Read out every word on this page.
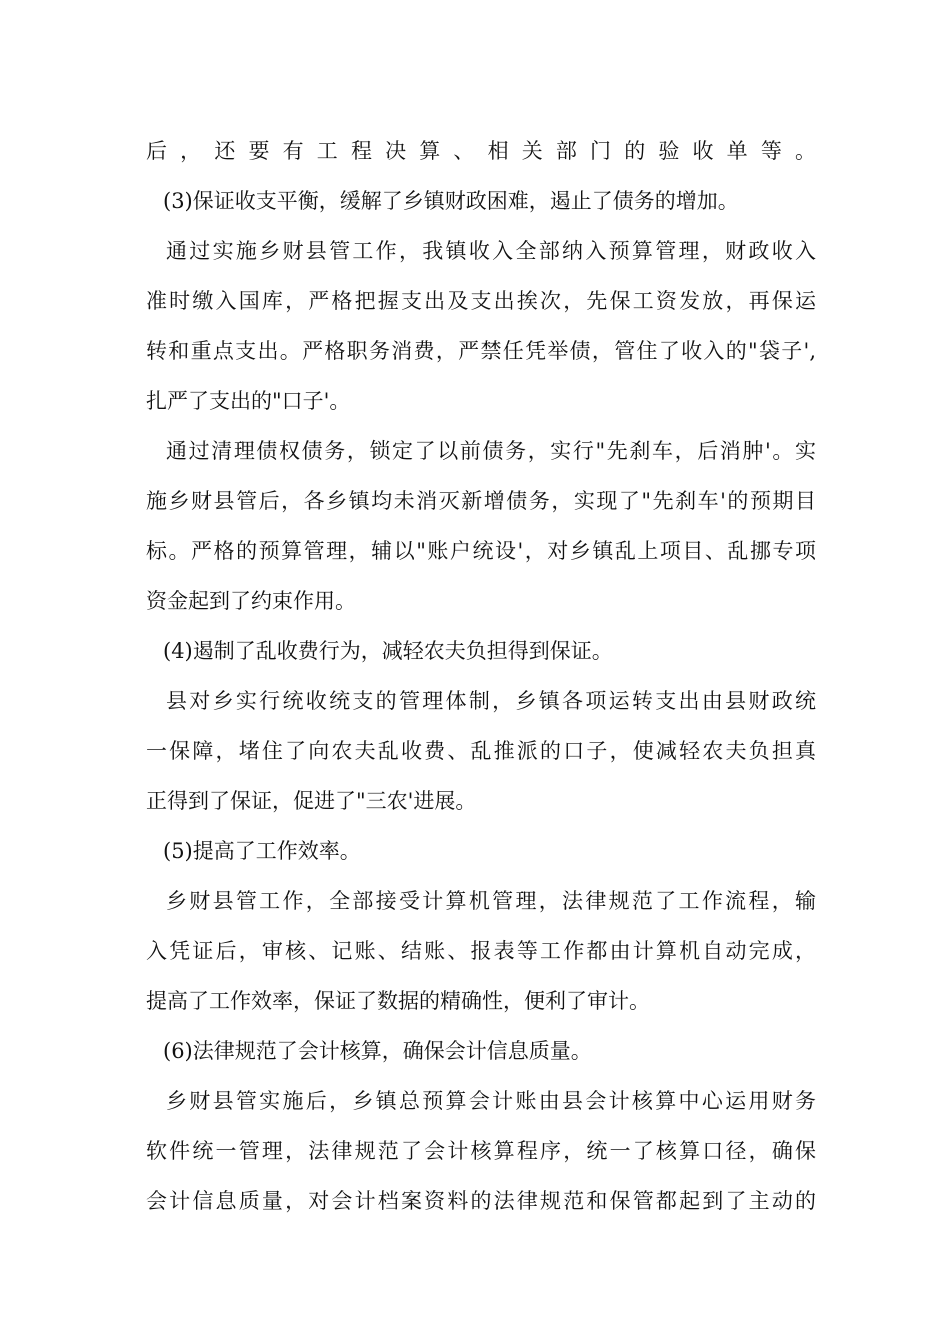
后，还要有工程决算、相关部门的验收单等。
(3)保证收支平衡，缓解了乡镇财政困难，遏止了债务的增加。
通过实施乡财县管工作，我镇收入全部纳入预算管理，财政收入
准时缴入国库，严格把握支出及支出挨次，先保工资发放，再保运
转和重点支出。严格职务消费，严禁任凭举债，管住了收入的"袋子',
扎严了支出的"口子'。
通过清理债权债务，锁定了以前债务，实行"先刹车，后消肿'。实
施乡财县管后，各乡镇均未消灭新增债务，实现了"先刹车'的预期目
标。严格的预算管理，辅以"账户统设'，对乡镇乱上项目、乱挪专项
资金起到了约束作用。
(4)遏制了乱收费行为，减轻农夫负担得到保证。
县对乡实行统收统支的管理体制，乡镇各项运转支出由县财政统
一保障，堵住了向农夫乱收费、乱推派的口子，使减轻农夫负担真
正得到了保证，促进了"三农'进展。
(5)提高了工作效率。
乡财县管工作，全部接受计算机管理，法律规范了工作流程，输
入凭证后，审核、记账、结账、报表等工作都由计算机自动完成，
提高了工作效率，保证了数据的精确性，便利了审计。
(6)法律规范了会计核算，确保会计信息质量。
乡财县管实施后，乡镇总预算会计账由县会计核算中心运用财务
软件统一管理，法律规范了会计核算程序，统一了核算口径，确保
会计信息质量，对会计档案资料的法律规范和保管都起到了主动的
